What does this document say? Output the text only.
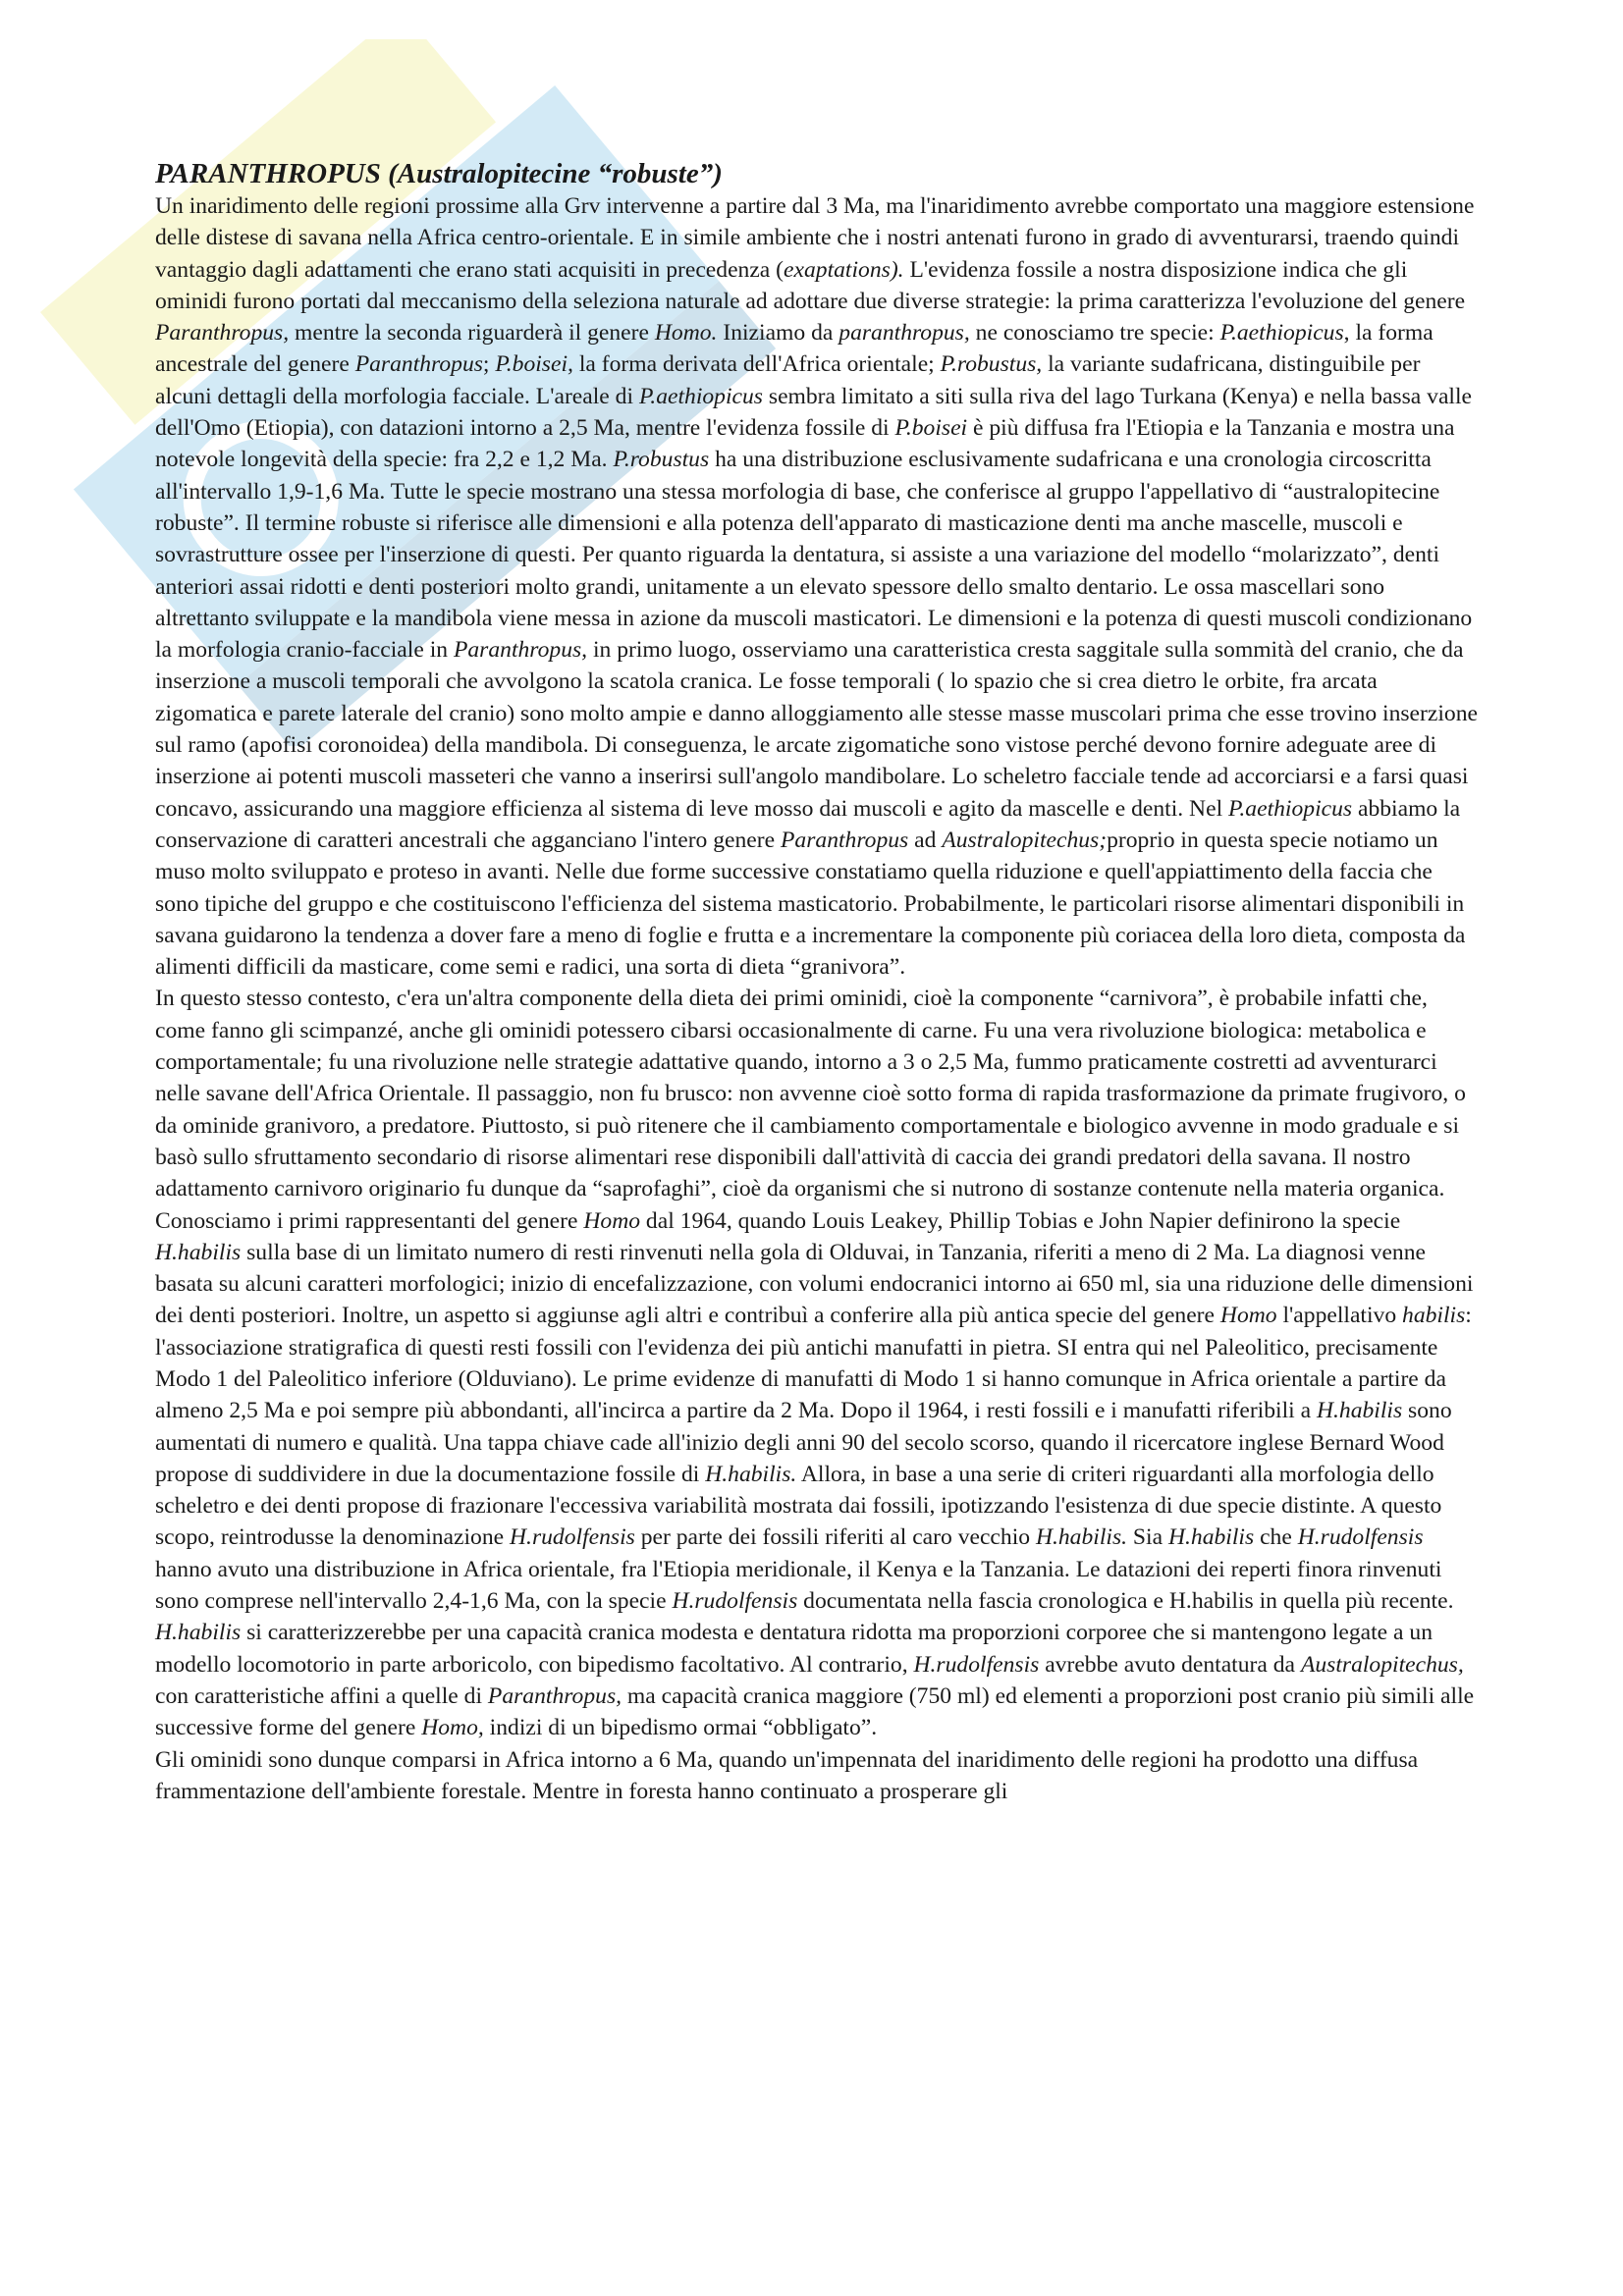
PARANTHROPUS (Australopitecine “robuste”)

Un inaridimento delle regioni prossime alla Grv intervenne a partire dal 3 Ma, ma l'inaridimento avrebbe comportato una maggiore estensione delle distese di savana nella Africa centro-orientale. E in simile ambiente che i nostri antenati furono in grado di avventurarsi, traendo quindi vantaggio dagli adattamenti che erano stati acquisiti in precedenza (exaptations). L'evidenza fossile a nostra disposizione indica che gli ominidi furono portati dal meccanismo della seleziona naturale ad adottare due diverse strategie: la prima caratterizza l'evoluzione del genere Paranthropus, mentre la seconda riguarderà il genere Homo. Iniziamo da paranthropus, ne conosciamo tre specie: P.aethiopicus, la forma ancestrale del genere Paranthropus; P.boisei, la forma derivata dell'Africa orientale; P.robustus, la variante sudafricana, distinguibile per alcuni dettagli della morfologia facciale. L'areale di P.aethiopicus sembra limitato a siti sulla riva del lago Turkana (Kenya) e nella bassa valle dell'Omo (Etiopia), con datazioni intorno a 2,5 Ma, mentre l'evidenza fossile di P.boisei è più diffusa fra l'Etiopia e la Tanzania e mostra una notevole longevità della specie: fra 2,2 e 1,2 Ma. P.robustus ha una distribuzione esclusivamente sudafricana e una cronologia circoscritta all'intervallo 1,9-1,6 Ma. Tutte le specie mostrano una stessa morfologia di base, che conferisce al gruppo l'appellativo di “australopitecine robuste”. Il termine robuste si riferisce alle dimensioni e alla potenza dell'apparato di masticazione denti ma anche mascelle, muscoli e sovrastrutture ossee per l'inserzione di questi. Per quanto riguarda la dentatura, si assiste a una variazione del modello “molarizzato”, denti anteriori assai ridotti e denti posteriori molto grandi, unitamente a un elevato spessore dello smalto dentario. Le ossa mascellari sono altrettanto sviluppate e la mandibola viene messa in azione da muscoli masticatori. Le dimensioni e la potenza di questi muscoli condizionano la morfologia cranio-facciale in Paranthropus, in primo luogo, osserviamo una caratteristica cresta saggitale sulla sommità del cranio, che da inserzione a muscoli temporali che avvolgono la scatola cranica. Le fosse temporali ( lo spazio che si crea dietro le orbite, fra arcata zigomatica e parete laterale del cranio) sono molto ampie e danno alloggiamento alle stesse masse muscolari prima che esse trovino inserzione sul ramo (apofisi coronoidea) della mandibola. Di conseguenza, le arcate zigomatiche sono vistose perché devono fornire adeguate aree di inserzione ai potenti muscoli masseteri che vanno a inserirsi sull'angolo mandibolare. Lo scheletro facciale tende ad accorciarsi e a farsi quasi concavo, assicurando una maggiore efficienza al sistema di leve mosso dai muscoli e agito da mascelle e denti. Nel P.aethiopicus abbiamo la conservazione di caratteri ancestrali che agganciano l'intero genere Paranthropus ad Australopitechus;proprio in questa specie notiamo un muso molto sviluppato e proteso in avanti. Nelle due forme successive constatiamo quella riduzione e quell'appiattimento della faccia che sono tipiche del gruppo e che costituiscono l'efficienza del sistema masticatorio. Probabilmente, le particolari risorse alimentari disponibili in savana guidarono la tendenza a dover fare a meno di foglie e frutta e a incrementare la componente più coriacea della loro dieta, composta da alimenti difficili da masticare, come semi e radici, una sorta di dieta “granivora”.

In questo stesso contesto, c'era un'altra componente della dieta dei primi ominidi, cioè la componente “carnivora”, è probabile infatti che, come fanno gli scimpanzé, anche gli ominidi potessero cibarsi occasionalmente di carne. Fu una vera rivoluzione biologica: metabolica e comportamentale; fu una rivoluzione nelle strategie adattative quando, intorno a 3 o 2,5 Ma, fummo praticamente costretti ad avventurarci nelle savane dell'Africa Orientale. Il passaggio, non fu brusco: non avvenne cioè sotto forma di rapida trasformazione da primate frugivoro, o da ominide granivoro, a predatore. Piuttosto, si può ritenere che il cambiamento comportamentale e biologico avvenne in modo graduale e si basò sullo sfruttamento secondario di risorse alimentari rese disponibili dall'attività di caccia dei grandi predatori della savana. Il nostro adattamento carnivoro originario fu dunque da “saprofaghi”, cioè da organismi che si nutrono di sostanze contenute nella materia organica.

Conosciamo i primi rappresentanti del genere Homo dal 1964, quando Louis Leakey, Phillip Tobias e John Napier definirono la specie H.habilis sulla base di un limitato numero di resti rinvenuti nella gola di Olduvai, in Tanzania, riferiti a meno di 2 Ma. La diagnosi venne basata su alcuni caratteri morfologici; inizio di encefalizzazione, con volumi endocranici intorno ai 650 ml, sia una riduzione delle dimensioni dei denti posteriori. Inoltre, un aspetto si aggiunse agli altri e contribuì a conferire alla più antica specie del genere Homo l'appellativo habilis: l'associazione stratigrafica di questi resti fossili con l'evidenza dei più antichi manufatti in pietra. SI entra qui nel Paleolitico, precisamente Modo 1 del Paleolitico inferiore (Olduviano). Le prime evidenze di manufatti di Modo 1 si hanno comunque in Africa orientale a partire da almeno 2,5 Ma e poi sempre più abbondanti, all'incirca a partire da 2 Ma. Dopo il 1964, i resti fossili e i manufatti riferibili a H.habilis sono aumentati di numero e qualità. Una tappa chiave cade all'inizio degli anni 90 del secolo scorso, quando il ricercatore inglese Bernard Wood propose di suddividere in due la documentazione fossile di H.habilis. Allora, in base a una serie di criteri riguardanti alla morfologia dello scheletro e dei denti propose di frazionare l'eccessiva variabilità mostrata dai fossili, ipotizzando l'esistenza di due specie distinte. A questo scopo, reintrodusse la denominazione H.rudolfensis per parte dei fossili riferiti al caro vecchio H.habilis. Sia H.habilis che H.rudolfensis hanno avuto una distribuzione in Africa orientale, fra l'Etiopia meridionale, il Kenya e la Tanzania. Le datazioni dei reperti finora rinvenuti sono comprese nell'intervallo 2,4-1,6 Ma, con la specie H.rudolfensis documentata nella fascia cronologica e H.habilis in quella più recente. H.habilis si caratterizzerebbe per una capacità cranica modesta e dentatura ridotta ma proporzioni corporee che si mantengono legate a un modello locomotorio in parte arboricolo, con bipedismo facoltativo. Al contrario, H.rudolfensis avrebbe avuto dentatura da Australopitechus, con caratteristiche affini a quelle di Paranthropus, ma capacità cranica maggiore (750 ml) ed elementi a proporzioni post cranio più simili alle successive forme del genere Homo, indizi di un bipedismo ormai “obbligato”.

Gli ominidi sono dunque comparsi in Africa intorno a 6 Ma, quando un'impennata del inaridimento delle regioni ha prodotto una diffusa frammentazione dell'ambiente forestale. Mentre in foresta hanno continuato a prosperare gli
